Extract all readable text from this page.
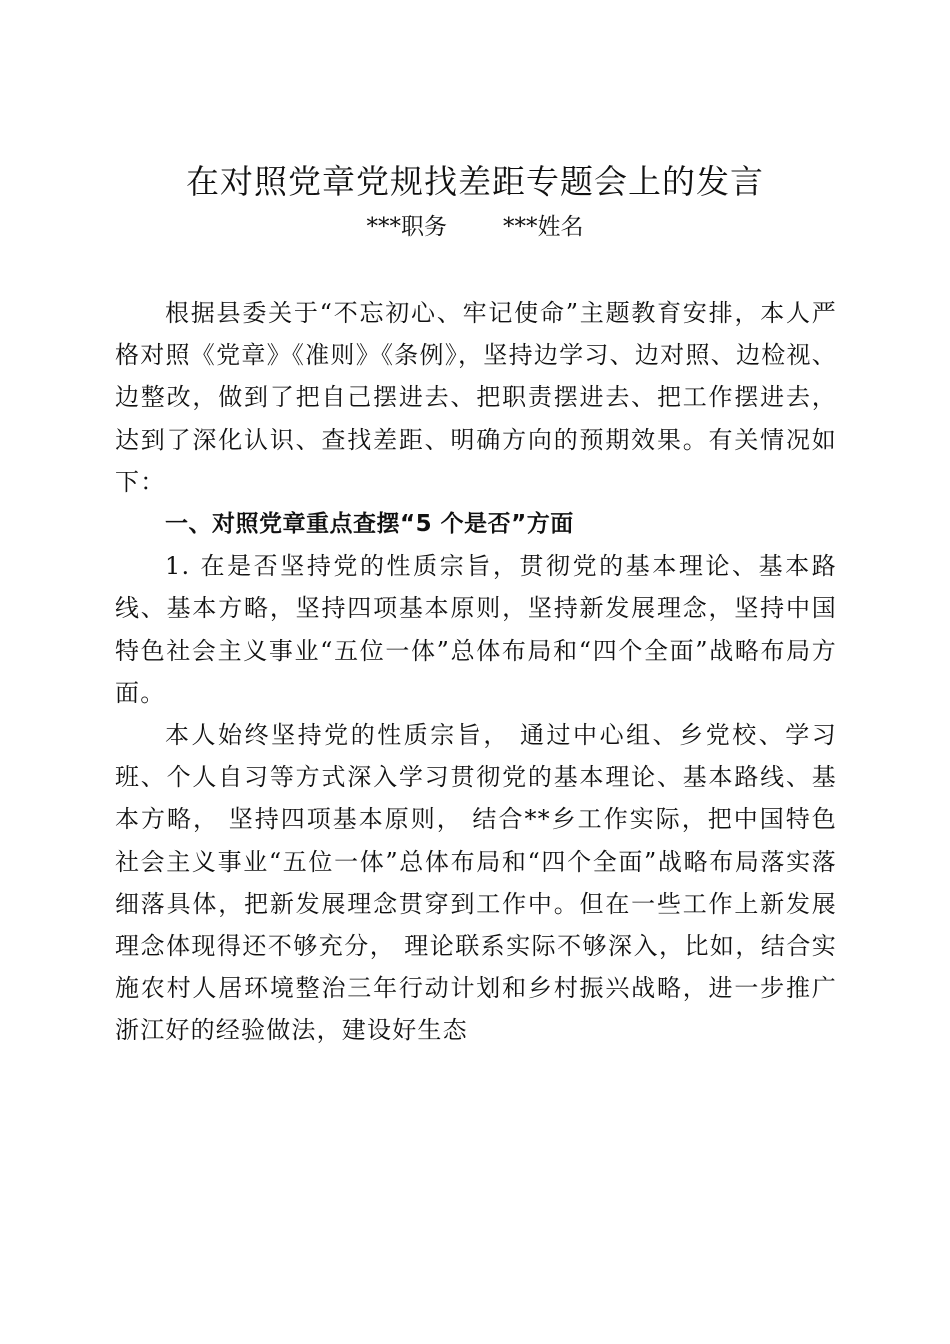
在对照党章党规找差距专题会上的发言
***职务 ***姓名

根据县委关于“不忘初心、牢记使命”主题教育安排，本人严格对照《党章》《准则》《条例》，坚持边学习、边对照、边检视、边整改，做到了把自己摆进去、把职责摆进去、把工作摆进去，达到了深化认识、查找差距、明确方向的预期效果。有关情况如下：

一、对照党章重点查摆“5 个是否”方面

1. 在是否坚持党的性质宗旨，贯彻党的基本理论、基本路线、基本方略，坚持四项基本原则，坚持新发展理念，坚持中国特色社会主义事业“五位一体”总体布局和“四个全面”战略布局方面。

本人始终坚持党的性质宗旨， 通过中心组、乡党校、学习班、个人自习等方式深入学习贯彻党的基本理论、基本路线、基本方略， 坚持四项基本原则， 结合**乡工作实际，把中国特色社会主义事业“五位一体”总体布局和“四个全面”战略布局落实落细落具体，把新发展理念贯穿到工作中。但在一些工作上新发展理念体现得还不够充分， 理论联系实际不够深入，比如，结合实施农村人居环境整治三年行动计划和乡村振兴战略，进一步推广浙江好的经验做法，建设好生态
